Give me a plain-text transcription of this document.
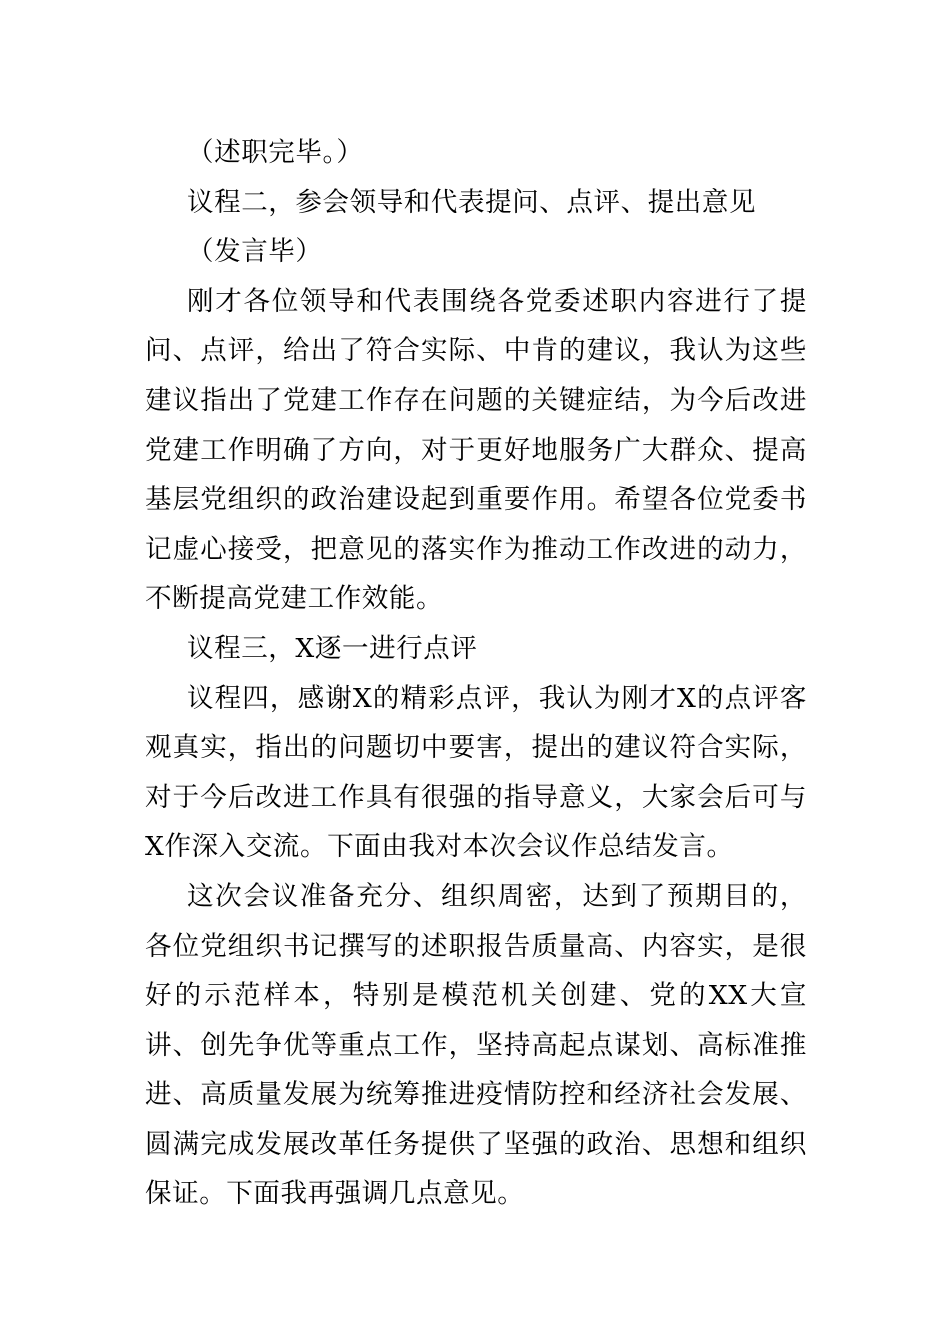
（述职完毕。）

议程二，参会领导和代表提问、点评、提出意见

（发言毕）

刚才各位领导和代表围绕各党委述职内容进行了提问、点评，给出了符合实际、中肯的建议，我认为这些建议指出了党建工作存在问题的关键症结，为今后改进党建工作明确了方向，对于更好地服务广大群众、提高基层党组织的政治建设起到重要作用。希望各位党委书记虚心接受，把意见的落实作为推动工作改进的动力，不断提高党建工作效能。

议程三，X逐一进行点评

议程四，感谢X的精彩点评，我认为刚才X的点评客观真实，指出的问题切中要害，提出的建议符合实际，对于今后改进工作具有很强的指导意义，大家会后可与X作深入交流。下面由我对本次会议作总结发言。

这次会议准备充分、组织周密，达到了预期目的，各位党组织书记撰写的述职报告质量高、内容实，是很好的示范样本，特别是模范机关创建、党的XX大宣讲、创先争优等重点工作，坚持高起点谋划、高标准推进、高质量发展为统筹推进疫情防控和经济社会发展、圆满完成发展改革任务提供了坚强的政治、思想和组织保证。下面我再强调几点意见。
